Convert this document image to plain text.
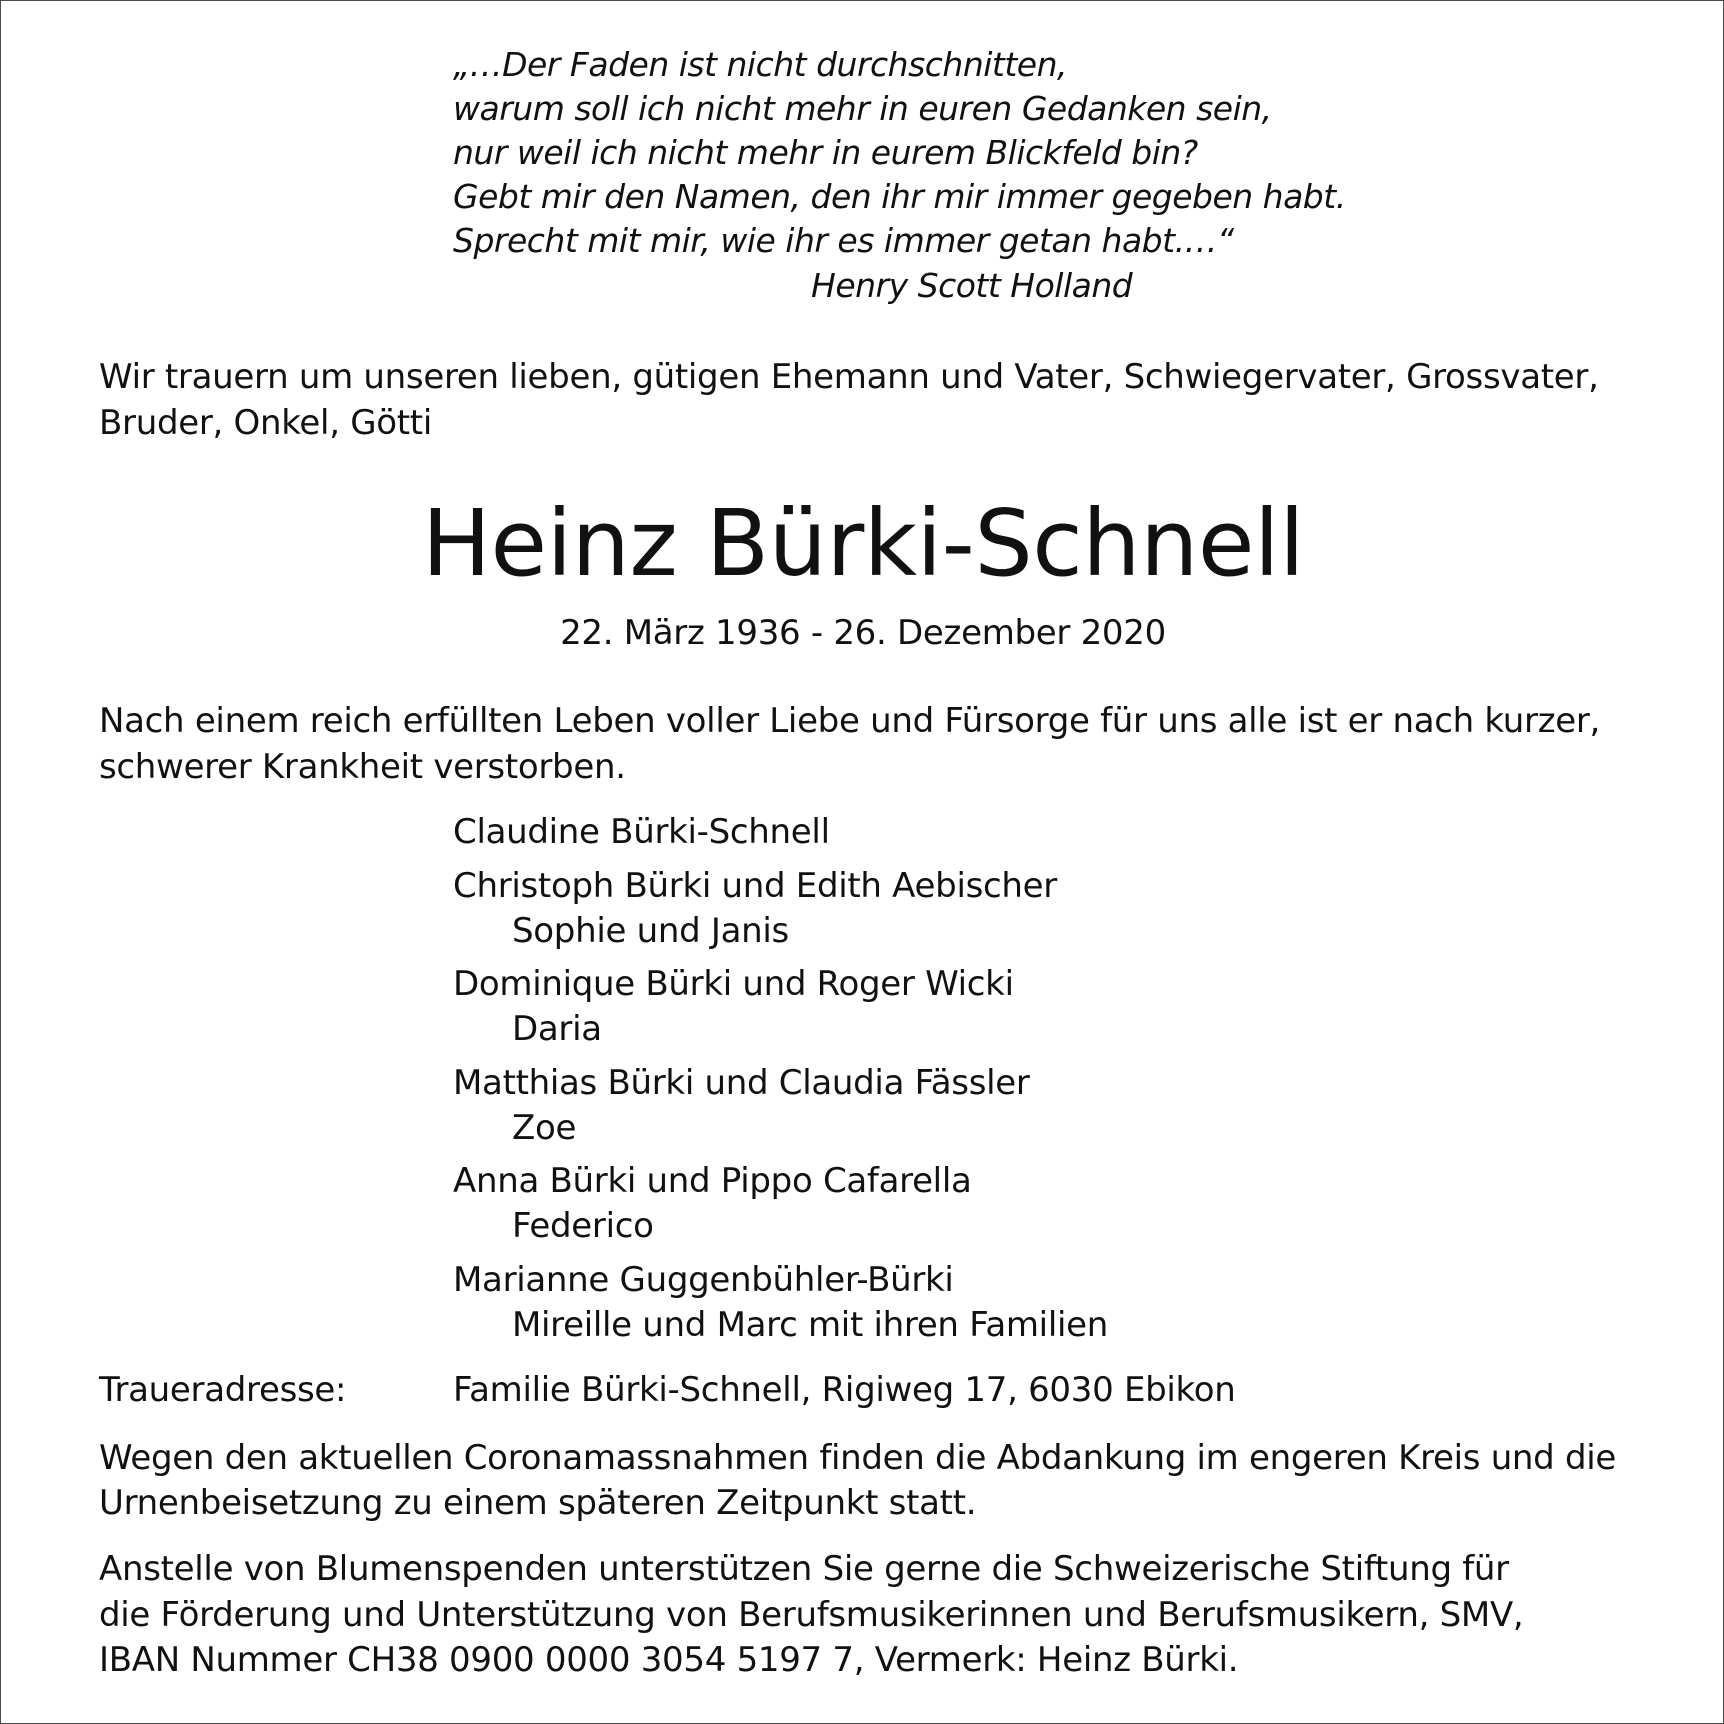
„…Der Faden ist nicht durchschnitten,
warum soll ich nicht mehr in euren Gedanken sein,
nur weil ich nicht mehr in eurem Blickfeld bin?
Gebt mir den Namen, den ihr mir immer gegeben habt.
Sprecht mit mir, wie ihr es immer getan habt.…“
Henry Scott Holland
Wir trauern um unseren lieben, gütigen Ehemann und Vater, Schwiegervater, Grossvater,
Bruder, Onkel, Götti
Heinz Bürki-Schnell
22. März 1936 - 26. Dezember 2020
Nach einem reich erfüllten Leben voller Liebe und Fürsorge für uns alle ist er nach kurzer,
schwerer Krankheit verstorben.
Claudine Bürki-Schnell
Christoph Bürki und Edith Aebischer
Sophie und Janis
Dominique Bürki und Roger Wicki
Daria
Matthias Bürki und Claudia Fässler
Zoe
Anna Bürki und Pippo Cafarella
Federico
Marianne Guggenbühler-Bürki
Mireille und Marc mit ihren Familien
Traueradresse:	Familie Bürki-Schnell, Rigiweg 17, 6030 Ebikon
Wegen den aktuellen Coronamassnahmen finden die Abdankung im engeren Kreis und die
Urnenbeisetzung zu einem späteren Zeitpunkt statt.
Anstelle von Blumenspenden unterstützen Sie gerne die Schweizerische Stiftung für
die Förderung und Unterstützung von Berufsmusikerinnen und Berufsmusikern, SMV,
IBAN Nummer CH38 0900 0000 3054 5197 7, Vermerk: Heinz Bürki.
